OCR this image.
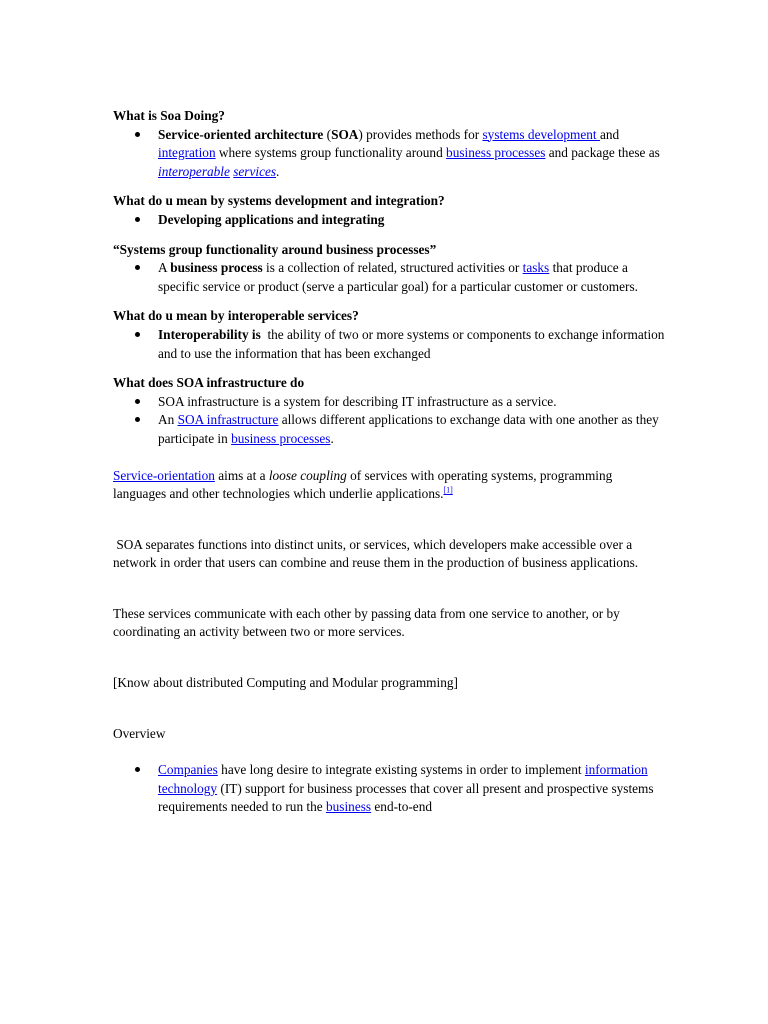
What is Soa Doing?

Service-oriented architecture (SOA) provides methods for systems development and integration where systems group functionality around business processes and package these as interoperable services.

What do u mean by systems development and integration?

Developing applications and integrating

“Systems group functionality around business processes”

A business process is a collection of related, structured activities or tasks that produce a specific service or product (serve a particular goal) for a particular customer or customers.

What do u mean by interoperable services?

Interoperability is  the ability of two or more systems or components to exchange information and to use the information that has been exchanged

What does SOA infrastructure do

SOA infrastructure is a system for describing IT infrastructure as a service.
An SOA infrastructure allows different applications to exchange data with one another as they participate in business processes.

Service-orientation aims at a loose coupling of services with operating systems, programming languages and other technologies which underlie applications.[1]

SOA separates functions into distinct units, or services, which developers make accessible over a network in order that users can combine and reuse them in the production of business applications.

These services communicate with each other by passing data from one service to another, or by coordinating an activity between two or more services.

[Know about distributed Computing and Modular programming]

Overview

Companies have long desire to integrate existing systems in order to implement information technology (IT) support for business processes that cover all present and prospective systems requirements needed to run the business end-to-end
